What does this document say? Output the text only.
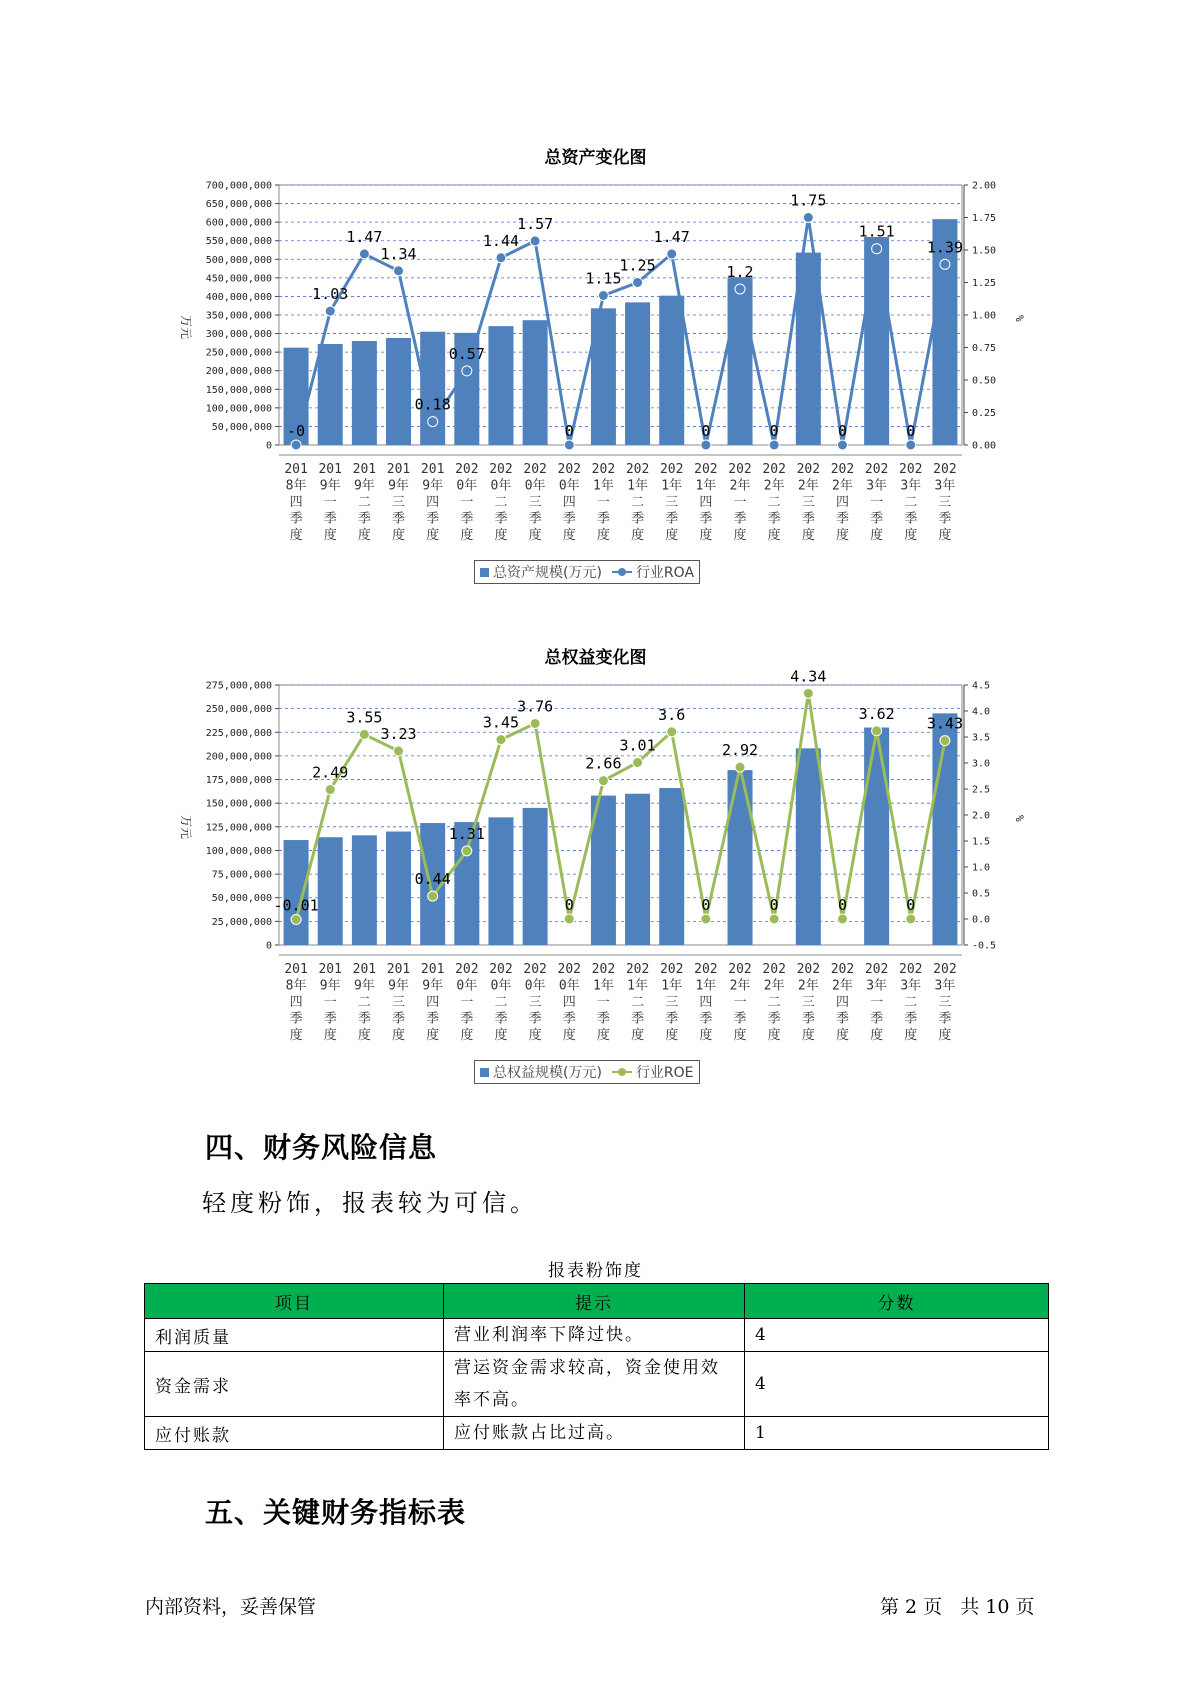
总资产变化图
0
50,000,000
100,000,000
150,000,000
200,000,000
250,000,000
300,000,000
350,000,000
400,000,000
450,000,000
500,000,000
550,000,000
600,000,000
650,000,000
700,000,000
0.00
0.25
0.50
0.75
1.00
1.25
1.50
1.75
2.00
万元	%
-0
1.03
1.47
1.34
0.18
0.57
1.44
1.57
0
1.15
1.25
1.47
0
1.2
0
1.75
0
1.51
0
1.39
201 8年四季度
201 9年一季度
201 9年二季度
201 9年三季度
201 9年四季度
202 0年一季度
202 0年二季度
202 0年三季度
202 0年四季度
202 1年一季度
202 1年二季度
202 1年三季度
202 1年四季度
202 2年一季度
202 2年二季度
202 2年三季度
202 2年四季度
202 3年一季度
202 3年二季度
202 3年三季度
总资产规模(万元) 行业ROA
总权益变化图
0
25,000,000
50,000,000
75,000,000
100,000,000
125,000,000
150,000,000
175,000,000
200,000,000
225,000,000
250,000,000
275,000,000
-0.5
0.0
0.5
1.0
1.5
2.0
2.5
3.0
3.5
4.0
4.5
万元	%
-0.01
2.49
3.55
3.23
0.44
1.31
3.45
3.76
0
2.66
3.01
3.6
0
2.92
0
4.34
0
3.62
0
3.43
201 8年四季度
201 9年一季度
201 9年二季度
201 9年三季度
201 9年四季度
202 0年一季度
202 0年二季度
202 0年三季度
202 0年四季度
202 1年一季度
202 1年二季度
202 1年三季度
202 1年四季度
202 2年一季度
202 2年二季度
202 2年三季度
202 2年四季度
202 3年一季度
202 3年二季度
202 3年三季度
总权益规模(万元) 行业ROE
四、财务风险信息
轻度粉饰，报表较为可信。
报表粉饰度
项目	提示	分数
利润质量	营业利润率下降过快。	4
资金需求	营运资金需求较高，资金使用效率不高。	4
应付账款	应付账款占比过高。	1
五、关键财务指标表
内部资料，妥善保管	第 2 页   共 10 页
